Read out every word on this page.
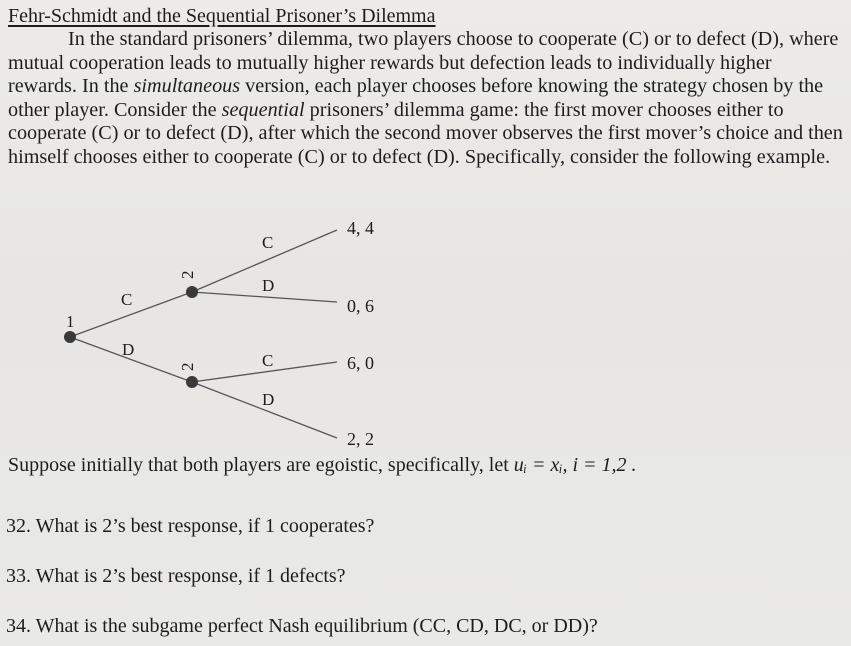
Fehr-Schmidt and the Sequential Prisoner’s Dilemma
In the standard prisoners’ dilemma, two players choose to cooperate (C) or to defect (D), where mutual cooperation leads to mutually higher rewards but defection leads to individually higher rewards. In the simultaneous version, each player chooses before knowing the strategy chosen by the other player. Consider the sequential prisoners’ dilemma game: the first mover chooses either to cooperate (C) or to defect (D), after which the second mover observes the first mover’s choice and then himself chooses either to cooperate (C) or to defect (D). Specifically, consider the following example.
1
2
2
C
D
C
D
C
D
4, 4
0, 6
6, 0
2, 2
Suppose initially that both players are egoistic, specifically, let uᵢ = xᵢ, i = 1,2 .
32. What is 2’s best response, if 1 cooperates?
33. What is 2’s best response, if 1 defects?
34. What is the subgame perfect Nash equilibrium (CC, CD, DC, or DD)?
